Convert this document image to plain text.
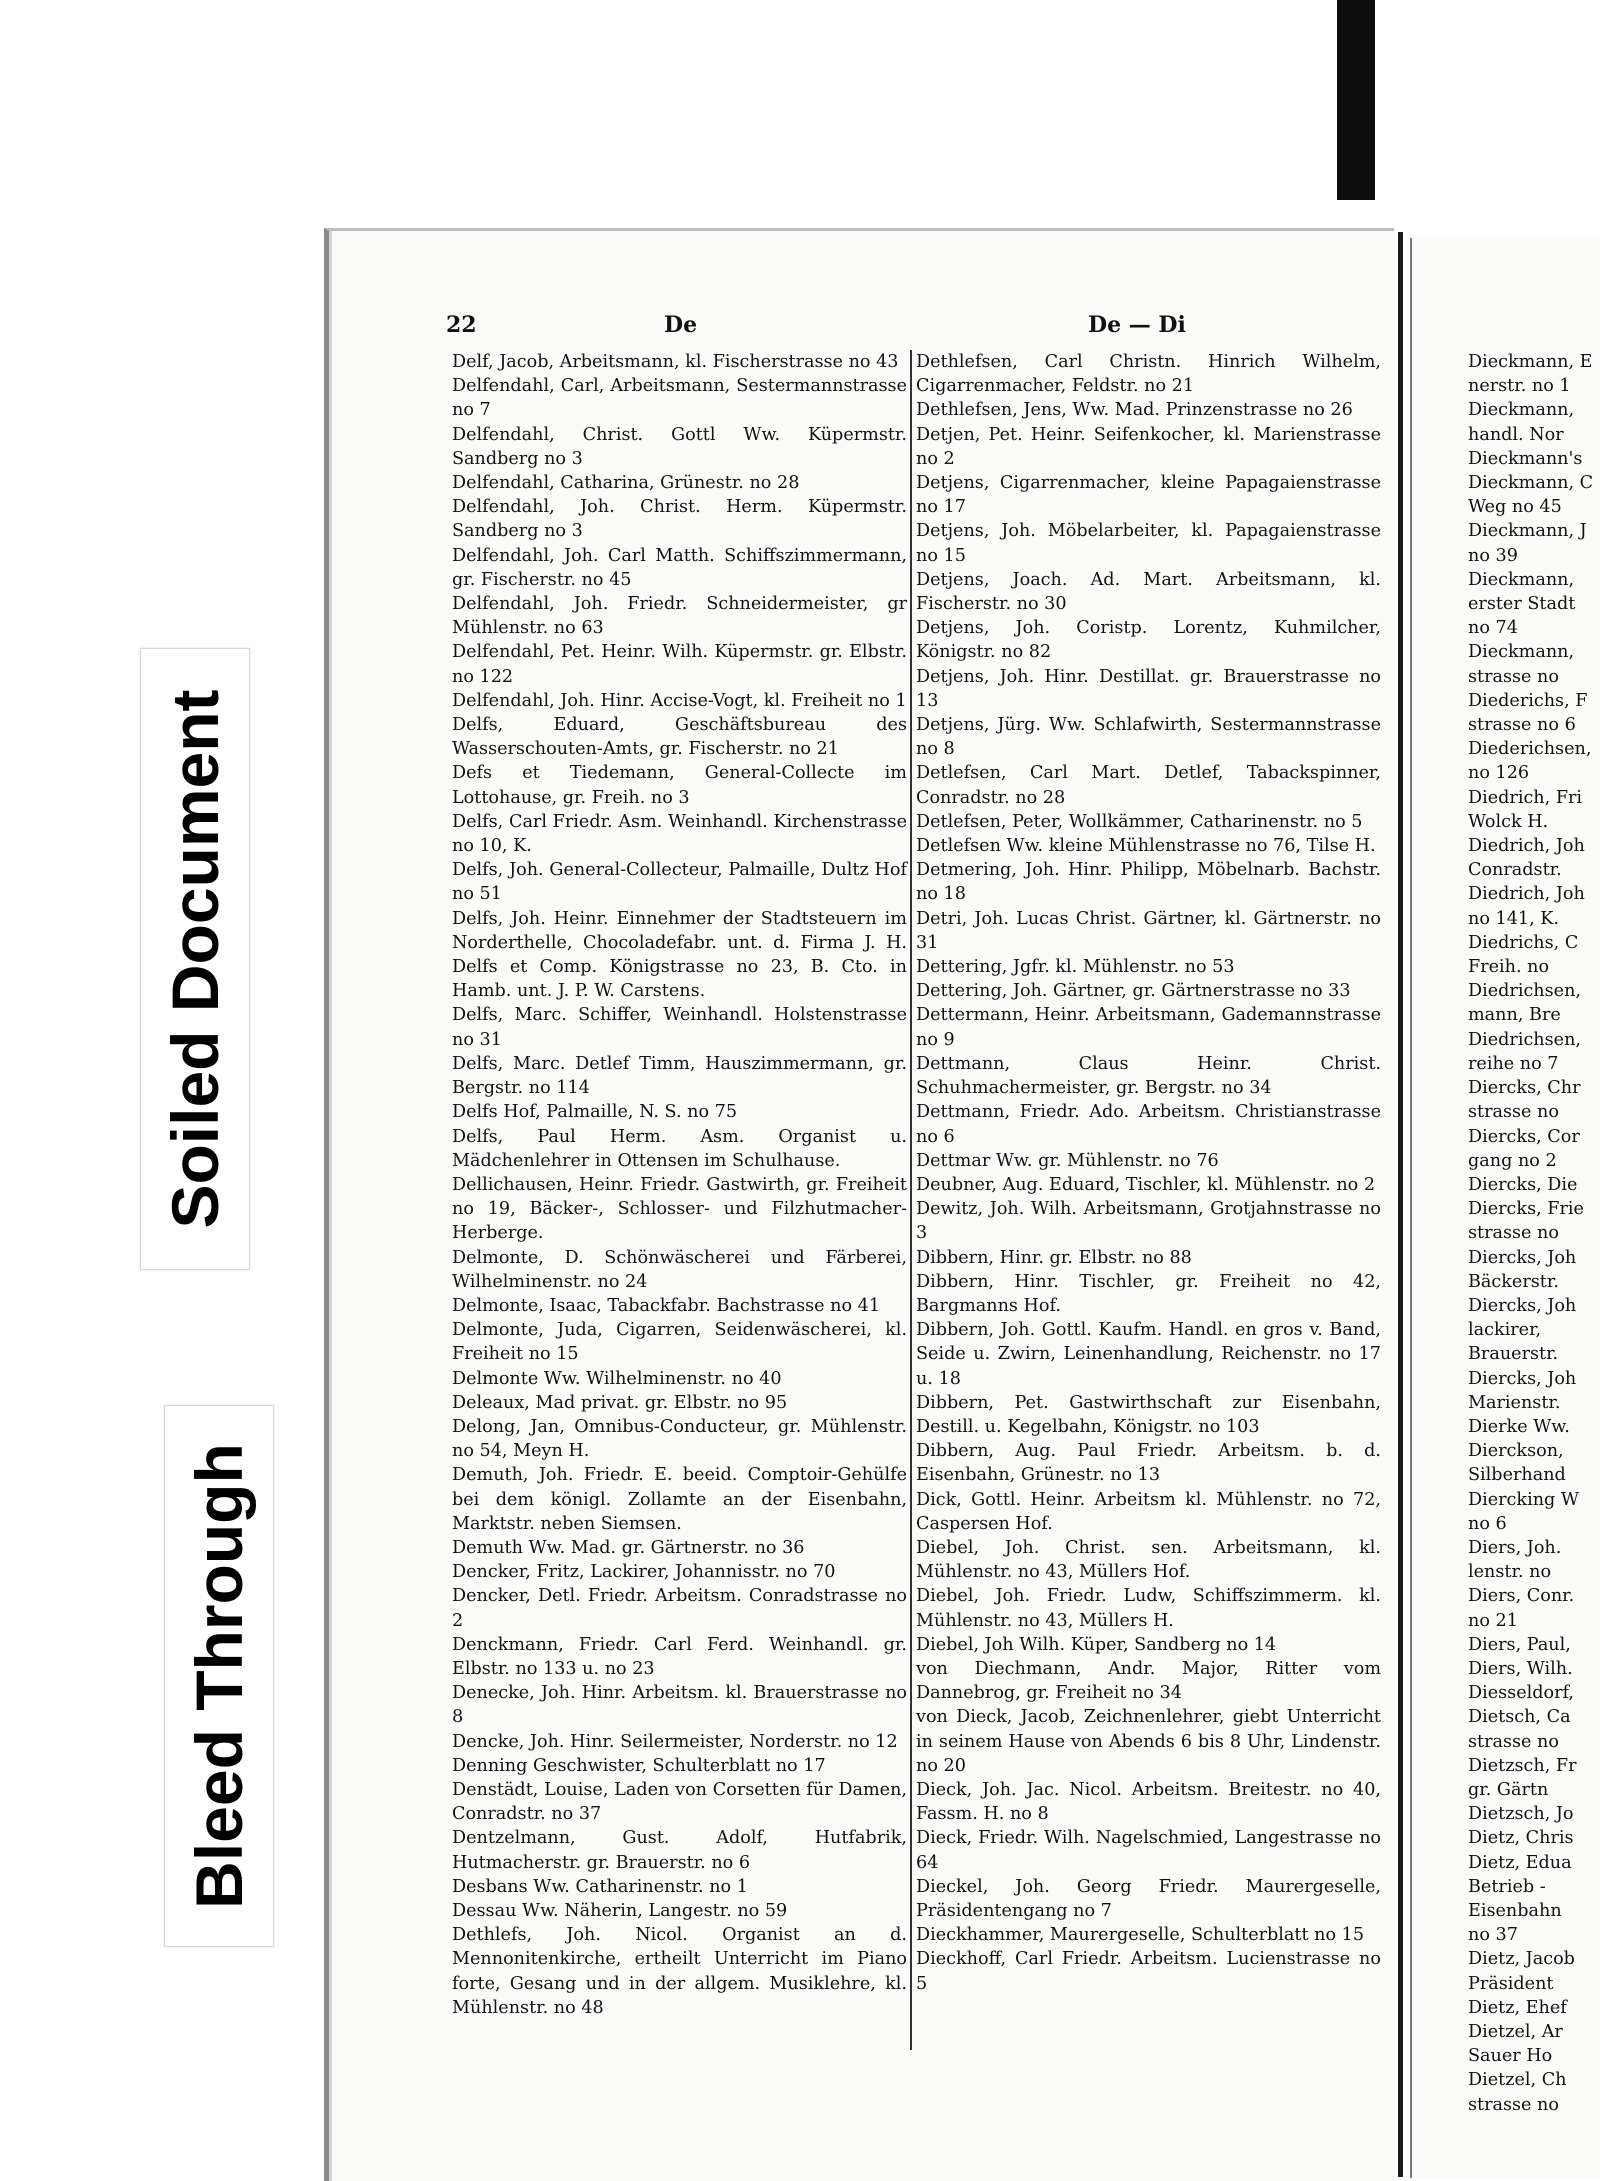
Soiled Document
Bleed Through
22	De	De — Di
Delf, Jacob, Arbeitsmann, kl. Fischerstrasse no 43
Delfendahl, Carl, Arbeitsmann, Sestermannstrasse no 7
Delfendahl, Christ. Gottl Ww. Küpermstr. Sandberg no 3
Delfendahl, Catharina, Grünestr. no 28
Delfendahl, Joh. Christ. Herm. Küpermstr. Sandberg no 3
Delfendahl, Joh. Carl Matth. Schiffszimmermann, gr. Fischerstr. no 45
Delfendahl, Joh. Friedr. Schneidermeister, gr Mühlenstr. no 63
Delfendahl, Pet. Heinr. Wilh. Küpermstr. gr. Elbstr. no 122
Delfendahl, Joh. Hinr. Accise-Vogt, kl. Freiheit no 1
Delfs, Eduard, Geschäftsbureau des Wasserschouten-Amts, gr. Fischerstr. no 21
Defs et Tiedemann, General-Collecte im Lottohause, gr. Freih. no 3
Delfs, Carl Friedr. Asm. Weinhandl. Kirchenstrasse no 10, K.
Delfs, Joh. General-Collecteur, Palmaille, Dultz Hof no 51
Delfs, Joh. Heinr. Einnehmer der Stadtsteuern im Norderthelle, Chocoladefabr. unt. d. Firma J. H. Delfs et Comp. Königstrasse no 23, B. Cto. in Hamb. unt. J. P. W. Carstens.
Delfs, Marc. Schiffer, Weinhandl. Holstenstrasse no 31
Delfs, Marc. Detlef Timm, Hauszimmermann, gr. Bergstr. no 114
Delfs Hof, Palmaille, N. S. no 75
Delfs, Paul Herm. Asm. Organist u. Mädchenlehrer in Ottensen im Schulhause.
Dellichausen, Heinr. Friedr. Gastwirth, gr. Freiheit no 19, Bäcker-, Schlosser- und Filzhutmacher-Herberge.
Delmonte, D. Schönwäscherei und Färberei, Wilhelminenstr. no 24
Delmonte, Isaac, Tabackfabr. Bachstrasse no 41
Delmonte, Juda, Cigarren, Seidenwäscherei, kl. Freiheit no 15
Delmonte Ww. Wilhelminenstr. no 40
Deleaux, Mad privat. gr. Elbstr. no 95
Delong, Jan, Omnibus-Conducteur, gr. Mühlenstr. no 54, Meyn H.
Demuth, Joh. Friedr. E. beeid. Comptoir-Gehülfe bei dem königl. Zollamte an der Eisenbahn, Marktstr. neben Siemsen.
Demuth Ww. Mad. gr. Gärtnerstr. no 36
Dencker, Fritz, Lackirer, Johannisstr. no 70
Dencker, Detl. Friedr. Arbeitsm. Conradstrasse no 2
Denckmann, Friedr. Carl Ferd. Weinhandl. gr. Elbstr. no 133 u. no 23
Denecke, Joh. Hinr. Arbeitsm. kl. Brauerstrasse no 8
Dencke, Joh. Hinr. Seilermeister, Norderstr. no 12
Denning Geschwister, Schulterblatt no 17
Denstädt, Louise, Laden von Corsetten für Damen, Conradstr. no 37
Dentzelmann, Gust. Adolf, Hutfabrik, Hutmacherstr. gr. Brauerstr. no 6
Desbans Ww. Catharinenstr. no 1
Dessau Ww. Näherin, Langestr. no 59
Dethlefs, Joh. Nicol. Organist an d. Mennonitenkirche, ertheilt Unterricht im Piano forte, Gesang und in der allgem. Musiklehre, kl. Mühlenstr. no 48
Dethlefsen, Carl Christn. Hinrich Wilhelm, Cigarrenmacher, Feldstr. no 21
Dethlefsen, Jens, Ww. Mad. Prinzenstrasse no 26
Detjen, Pet. Heinr. Seifenkocher, kl. Marienstrasse no 2
Detjens, Cigarrenmacher, kleine Papagaienstrasse no 17
Detjens, Joh. Möbelarbeiter, kl. Papagaienstrasse no 15
Detjens, Joach. Ad. Mart. Arbeitsmann, kl. Fischerstr. no 30
Detjens, Joh. Coristp. Lorentz, Kuhmilcher, Königstr. no 82
Detjens, Joh. Hinr. Destillat. gr. Brauerstrasse no 13
Detjens, Jürg. Ww. Schlafwirth, Sestermannstrasse no 8
Detlefsen, Carl Mart. Detlef, Tabackspinner, Conradstr. no 28
Detlefsen, Peter, Wollkämmer, Catharinenstr. no 5
Detlefsen Ww. kleine Mühlenstrasse no 76, Tilse H.
Detmering, Joh. Hinr. Philipp, Möbelnarb. Bachstr. no 18
Detri, Joh. Lucas Christ. Gärtner, kl. Gärtnerstr. no 31
Dettering, Jgfr. kl. Mühlenstr. no 53
Dettering, Joh. Gärtner, gr. Gärtnerstrasse no 33
Dettermann, Heinr. Arbeitsmann, Gademannstrasse no 9
Dettmann, Claus Heinr. Christ. Schuhmachermeister, gr. Bergstr. no 34
Dettmann, Friedr. Ado. Arbeitsm. Christianstrasse no 6
Dettmar Ww. gr. Mühlenstr. no 76
Deubner, Aug. Eduard, Tischler, kl. Mühlenstr. no 2
Dewitz, Joh. Wilh. Arbeitsmann, Grotjahnstrasse no 3
Dibbern, Hinr. gr. Elbstr. no 88
Dibbern, Hinr. Tischler, gr. Freiheit no 42, Bargmanns Hof.
Dibbern, Joh. Gottl. Kaufm. Handl. en gros v. Band, Seide u. Zwirn, Leinenhandlung, Reichenstr. no 17 u. 18
Dibbern, Pet. Gastwirthschaft zur Eisenbahn, Destill. u. Kegelbahn, Königstr. no 103
Dibbern, Aug. Paul Friedr. Arbeitsm. b. d. Eisenbahn, Grünestr. no 13
Dick, Gottl. Heinr. Arbeitsm kl. Mühlenstr. no 72, Caspersen Hof.
Diebel, Joh. Christ. sen. Arbeitsmann, kl. Mühlenstr. no 43, Müllers Hof.
Diebel, Joh. Friedr. Ludw, Schiffszimmerm. kl. Mühlenstr. no 43, Müllers H.
Diebel, Joh Wilh. Küper, Sandberg no 14
von Diechmann, Andr. Major, Ritter vom Dannebrog, gr. Freiheit no 34
von Dieck, Jacob, Zeichnenlehrer, giebt Unterricht in seinem Hause von Abends 6 bis 8 Uhr, Lindenstr. no 20
Dieck, Joh. Jac. Nicol. Arbeitsm. Breitestr. no 40, Fassm. H. no 8
Dieck, Friedr. Wilh. Nagelschmied, Langestrasse no 64
Dieckel, Joh. Georg Friedr. Maurergeselle, Präsidentengang no 7
Dieckhammer, Maurergeselle, Schulterblatt no 15
Dieckhoff, Carl Friedr. Arbeitsm. Lucienstrasse no 5
Dieckmann, E
nerstr. no 1
Dieckmann,
handl. Nor
Dieckmann's
Dieckmann, C
Weg no 45
Dieckmann, J
no 39
Dieckmann,
erster Stadt
no 74
Dieckmann,
strasse no
Diederichs, F
strasse no 6
Diederichsen,
no 126
Diedrich, Fri
Wolck H.
Diedrich, Joh
Conradstr.
Diedrich, Joh
no 141, K.
Diedrichs, C
Freih. no
Diedrichsen,
mann, Bre
Diedrichsen,
reihe no 7
Diercks, Chr
strasse no
Diercks, Cor
gang no 2
Diercks, Die
Diercks, Frie
strasse no
Diercks, Joh
Bäckerstr.
Diercks, Joh
lackirer,
Brauerstr.
Diercks, Joh
Marienstr.
Dierke Ww.
Dierckson,
Silberhand
Diercking W
no 6
Diers, Joh.
lenstr. no
Diers, Conr.
no 21
Diers, Paul,
Diers, Wilh.
Diesseldorf,
Dietsch, Ca
strasse no
Dietzsch, Fr
gr. Gärtn
Dietzsch, Jo
Dietz, Chris
Dietz, Edua
Betrieb -
Eisenbahn
no 37
Dietz, Jacob
Präsident
Dietz, Ehef
Dietzel, Ar
Sauer Ho
Dietzel, Ch
strasse no
